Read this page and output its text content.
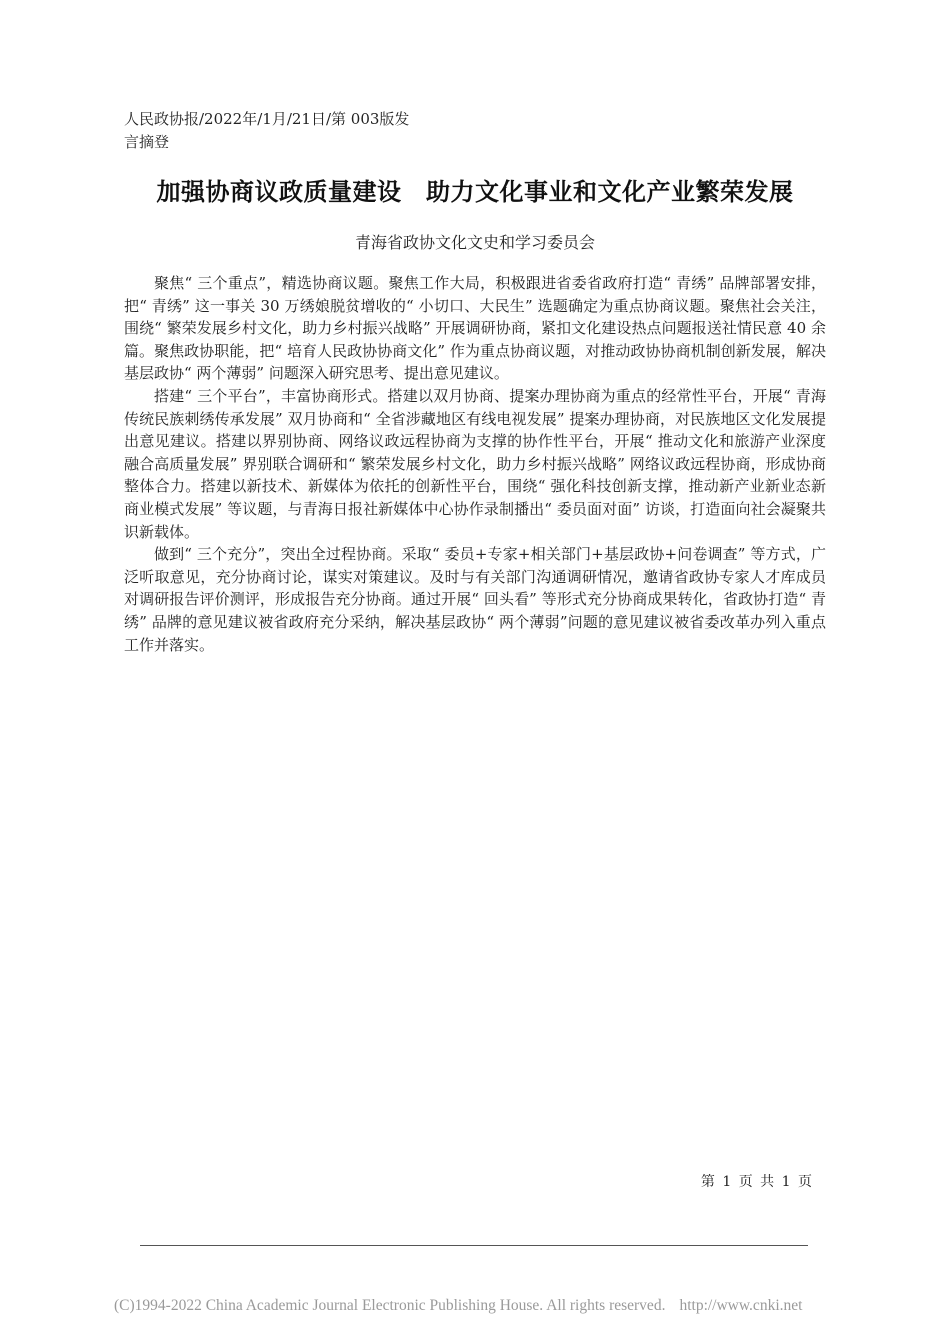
人民政协报/2022年/1月/21日/第 003版发言摘登
加强协商议政质量建设　助力文化事业和文化产业繁荣发展
青海省政协文化文史和学习委员会

聚焦“ 三个重点”，精选协商议题。聚焦工作大局，积极跟进省委省政府打造“ 青绣” 品牌部署安排，把“ 青绣” 这一事关 30 万绣娘脱贫增收的“ 小切口、大民生” 选题确定为重点协商议题。聚焦社会关注，围绕“ 繁荣发展乡村文化，助力乡村振兴战略” 开展调研协商，紧扣文化建设热点问题报送社情民意 40 余篇。聚焦政协职能，把“ 培育人民政协协商文化” 作为重点协商议题，对推动政协协商机制创新发展，解决基层政协“ 两个薄弱” 问题深入研究思考、提出意见建议。

搭建“ 三个平台”，丰富协商形式。搭建以双月协商、提案办理协商为重点的经常性平台，开展“ 青海传统民族刺绣传承发展” 双月协商和“ 全省涉藏地区有线电视发展” 提案办理协商，对民族地区文化发展提出意见建议。搭建以界别协商、网络议政远程协商为支撑的协作性平台，开展“ 推动文化和旅游产业深度融合高质量发展” 界别联合调研和“ 繁荣发展乡村文化，助力乡村振兴战略” 网络议政远程协商，形成协商整体合力。搭建以新技术、新媒体为依托的创新性平台，围绕“ 强化科技创新支撑，推动新产业新业态新商业模式发展” 等议题，与青海日报社新媒体中心协作录制播出“ 委员面对面” 访谈，打造面向社会凝聚共识新载体。

做到“ 三个充分”，突出全过程协商。采取“ 委员+专家+相关部门+基层政协+问卷调查” 等方式，广泛听取意见，充分协商讨论，谋实对策建议。及时与有关部门沟通调研情况，邀请省政协专家人才库成员对调研报告评价测评，形成报告充分协商。通过开展“ 回头看” 等形式充分协商成果转化，省政协打造“ 青绣” 品牌的意见建议被省政府充分采纳，解决基层政协“ 两个薄弱”问题的意见建议被省委改革办列入重点工作并落实。

第 1 页 共 1 页
(C)1994-2022 China Academic Journal Electronic Publishing House. All rights reserved. http://www.cnki.net
